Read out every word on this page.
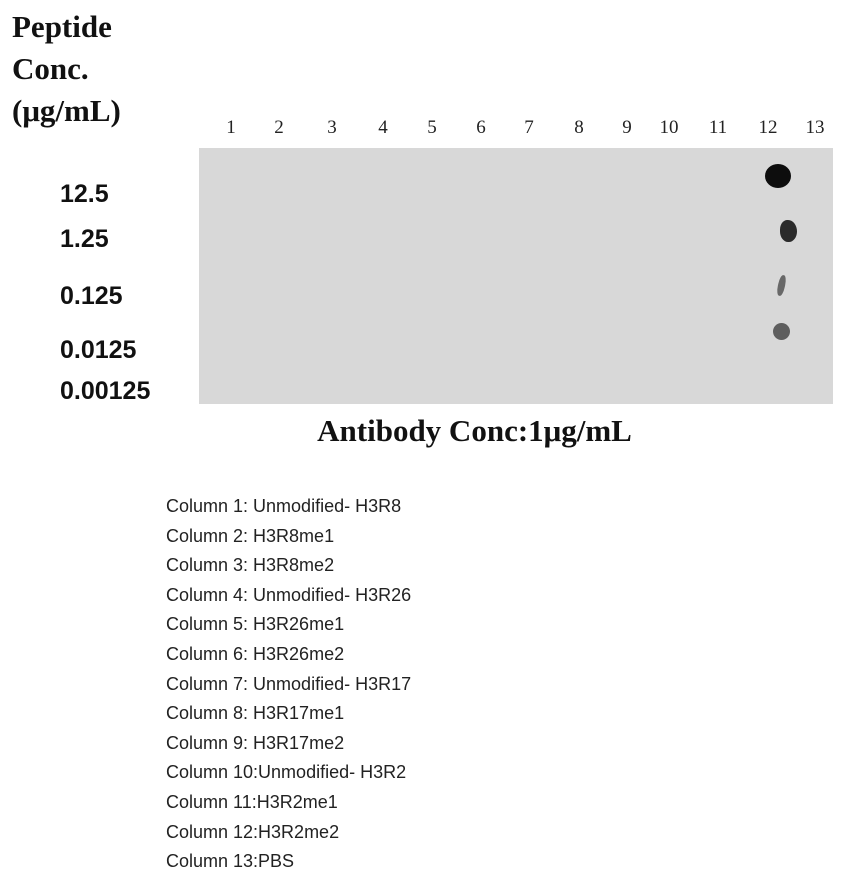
Peptide
Conc.
(μg/mL)	1 2 3 4 5 6 7 8 9 10 11 12 13
12.5
1.25
0.125
0.0125
0.00125
Antibody Conc:1μg/mL
Column 1: Unmodified- H3R8
Column 2: H3R8me1
Column 3: H3R8me2
Column 4: Unmodified- H3R26
Column 5: H3R26me1
Column 6: H3R26me2
Column 7: Unmodified- H3R17
Column 8: H3R17me1
Column 9: H3R17me2
Column 10:Unmodified- H3R2
Column 11:H3R2me1
Column 12:H3R2me2
Column 13:PBS
